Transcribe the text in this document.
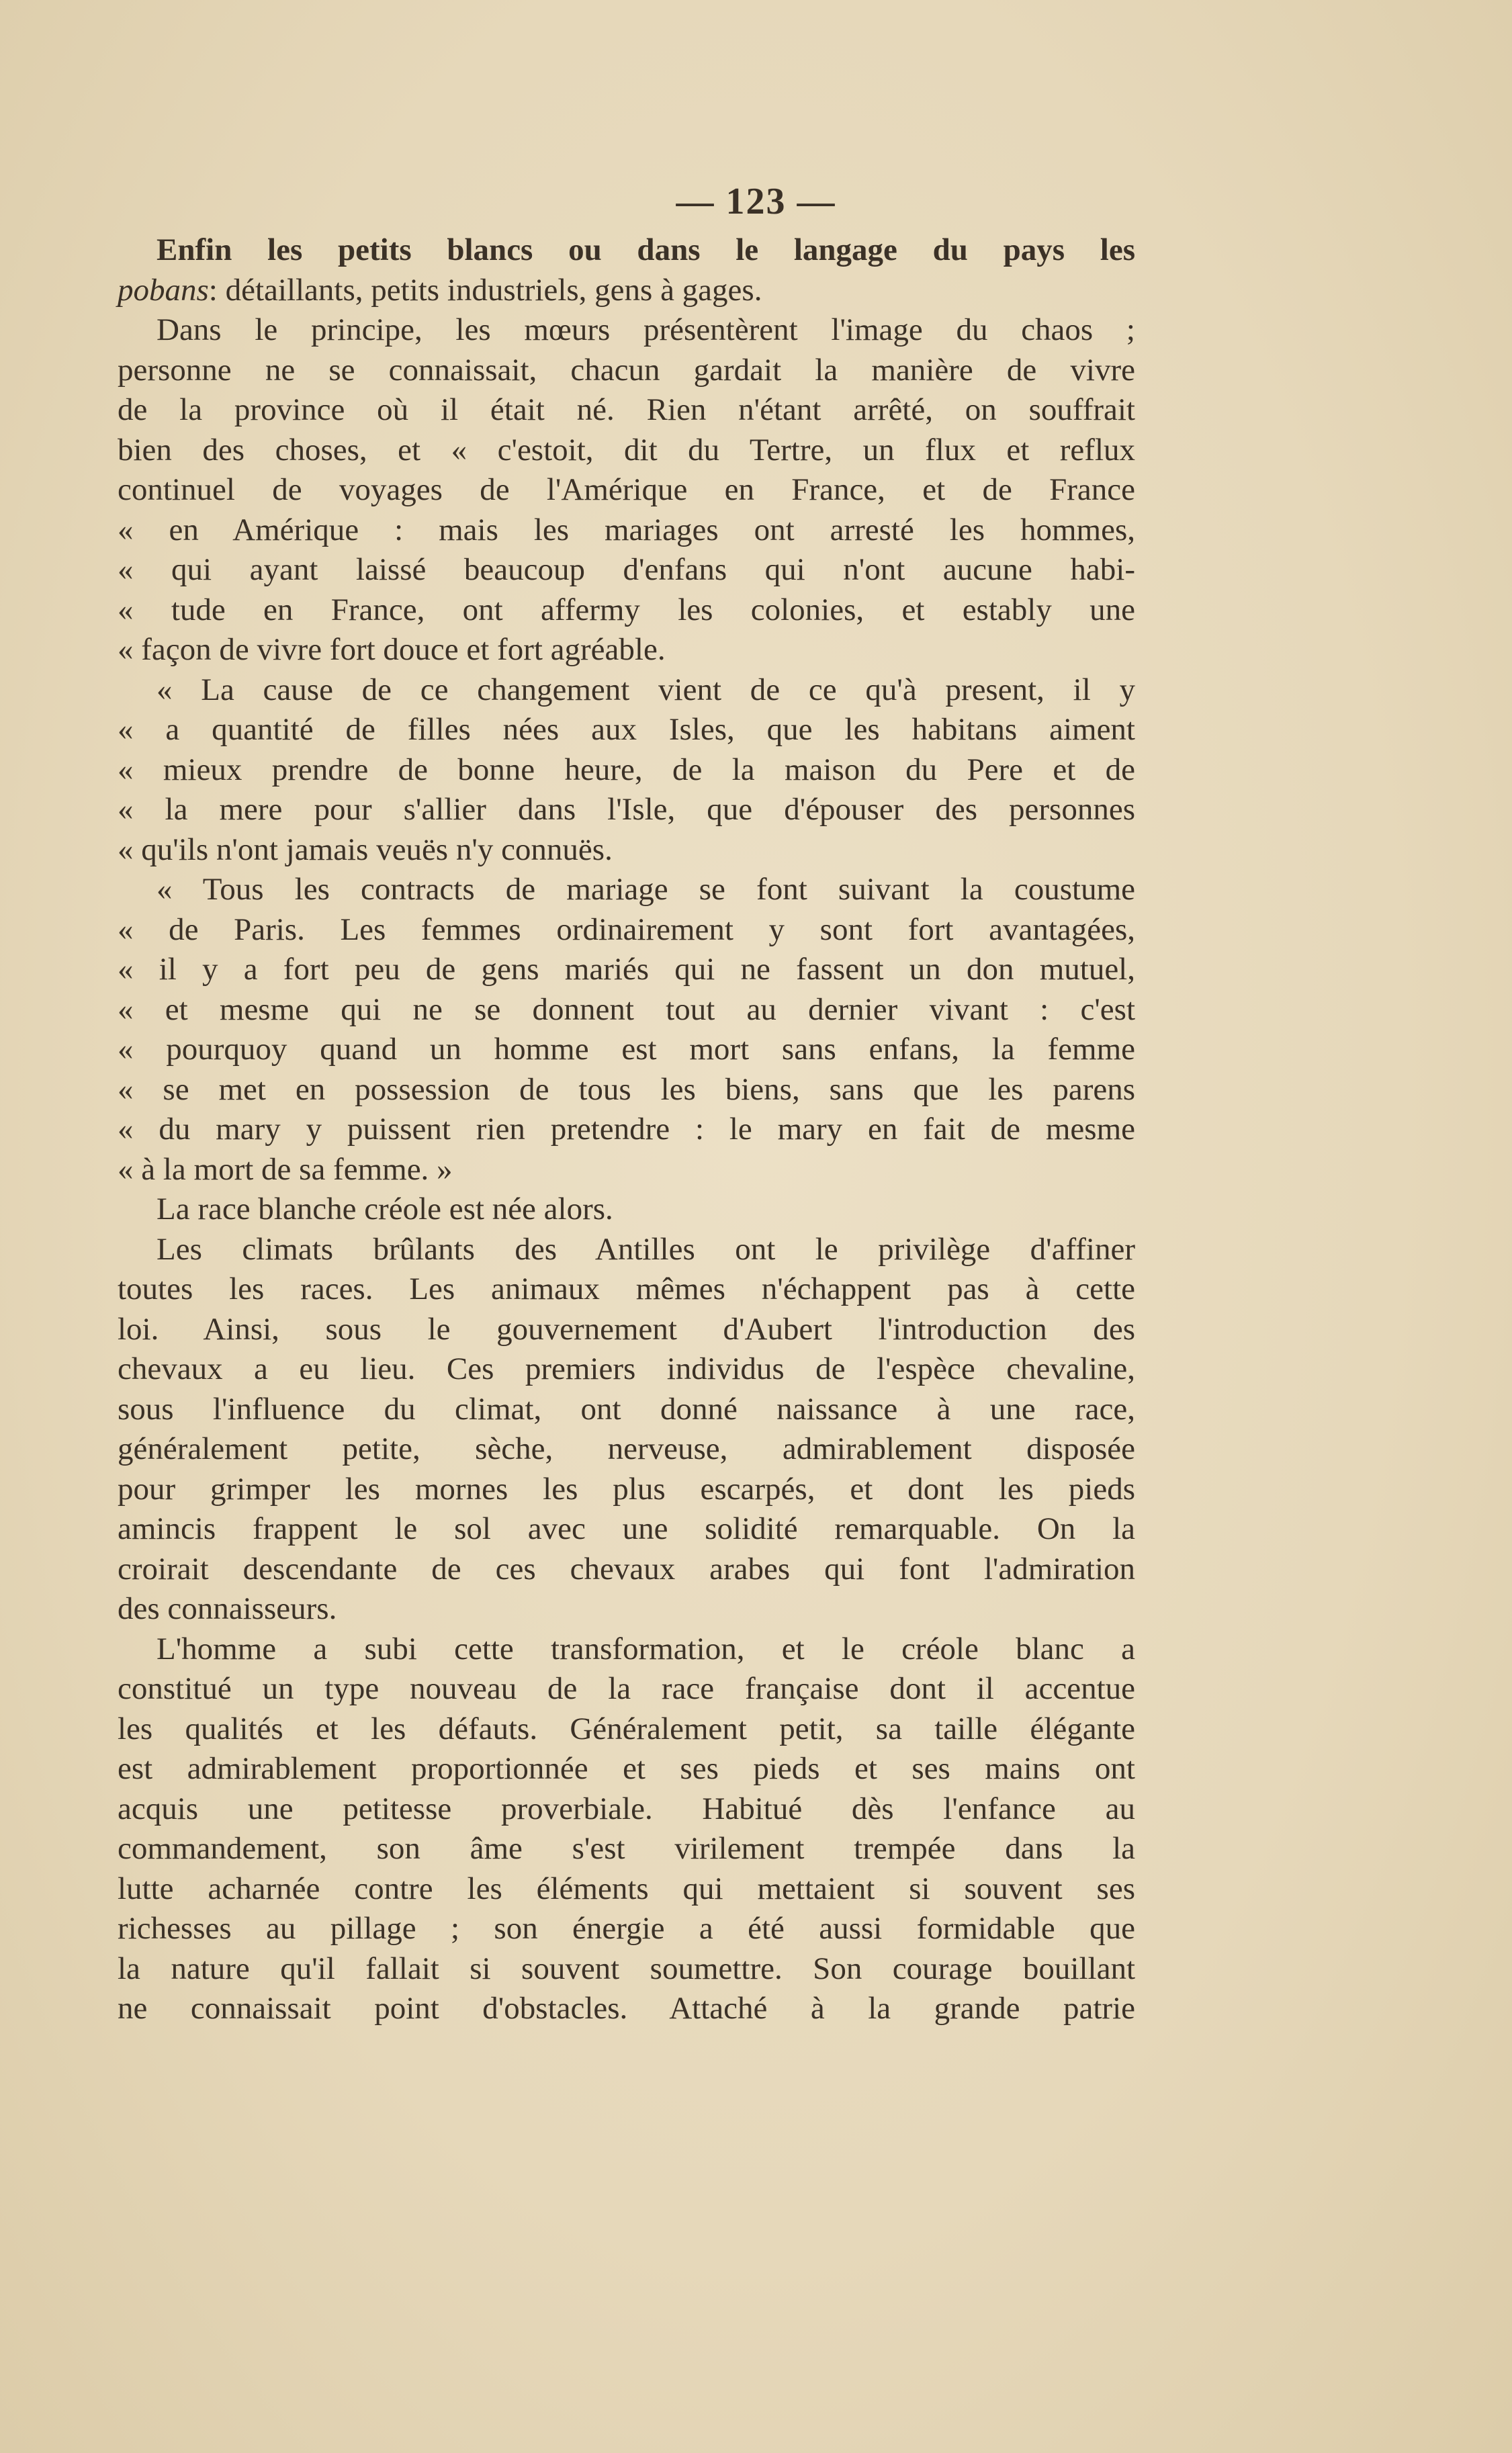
— 123 —
Enfin les petits blancs ou dans le langage du pays les
pobans: détaillants, petits industriels, gens à gages.
Dans le principe, les mœurs présentèrent l'image du chaos ;
personne ne se connaissait, chacun gardait la manière de vivre
de la province où il était né. Rien n'étant arrêté, on souffrait
bien des choses, et « c'estoit, dit du Tertre, un flux et reflux
continuel de voyages de l'Amérique en France, et de France
« en Amérique : mais les mariages ont arresté les hommes,
« qui ayant laissé beaucoup d'enfans qui n'ont aucune habi-
« tude en France, ont affermy les colonies, et estably une
« façon de vivre fort douce et fort agréable.
« La cause de ce changement vient de ce qu'à present, il y
« a quantité de filles nées aux Isles, que les habitans aiment
« mieux prendre de bonne heure, de la maison du Pere et de
« la mere pour s'allier dans l'Isle, que d'épouser des personnes
« qu'ils n'ont jamais veuës n'y connuës.
« Tous les contracts de mariage se font suivant la coustume
« de Paris. Les femmes ordinairement y sont fort avantagées,
« il y a fort peu de gens mariés qui ne fassent un don mutuel,
« et mesme qui ne se donnent tout au dernier vivant : c'est
« pourquoy quand un homme est mort sans enfans, la femme
« se met en possession de tous les biens, sans que les parens
« du mary y puissent rien pretendre : le mary en fait de mesme
« à la mort de sa femme. »
La race blanche créole est née alors.
Les climats brûlants des Antilles ont le privilège d'affiner
toutes les races. Les animaux mêmes n'échappent pas à cette
loi. Ainsi, sous le gouvernement d'Aubert l'introduction des
chevaux a eu lieu. Ces premiers individus de l'espèce chevaline,
sous l'influence du climat, ont donné naissance à une race,
généralement petite, sèche, nerveuse, admirablement disposée
pour grimper les mornes les plus escarpés, et dont les pieds
amincis frappent le sol avec une solidité remarquable. On la
croirait descendante de ces chevaux arabes qui font l'admiration
des connaisseurs.
L'homme a subi cette transformation, et le créole blanc a
constitué un type nouveau de la race française dont il accentue
les qualités et les défauts. Généralement petit, sa taille élégante
est admirablement proportionnée et ses pieds et ses mains ont
acquis une petitesse proverbiale. Habitué dès l'enfance au
commandement, son âme s'est virilement trempée dans la
lutte acharnée contre les éléments qui mettaient si souvent ses
richesses au pillage ; son énergie a été aussi formidable que
la nature qu'il fallait si souvent soumettre. Son courage bouillant
ne connaissait point d'obstacles. Attaché à la grande patrie
